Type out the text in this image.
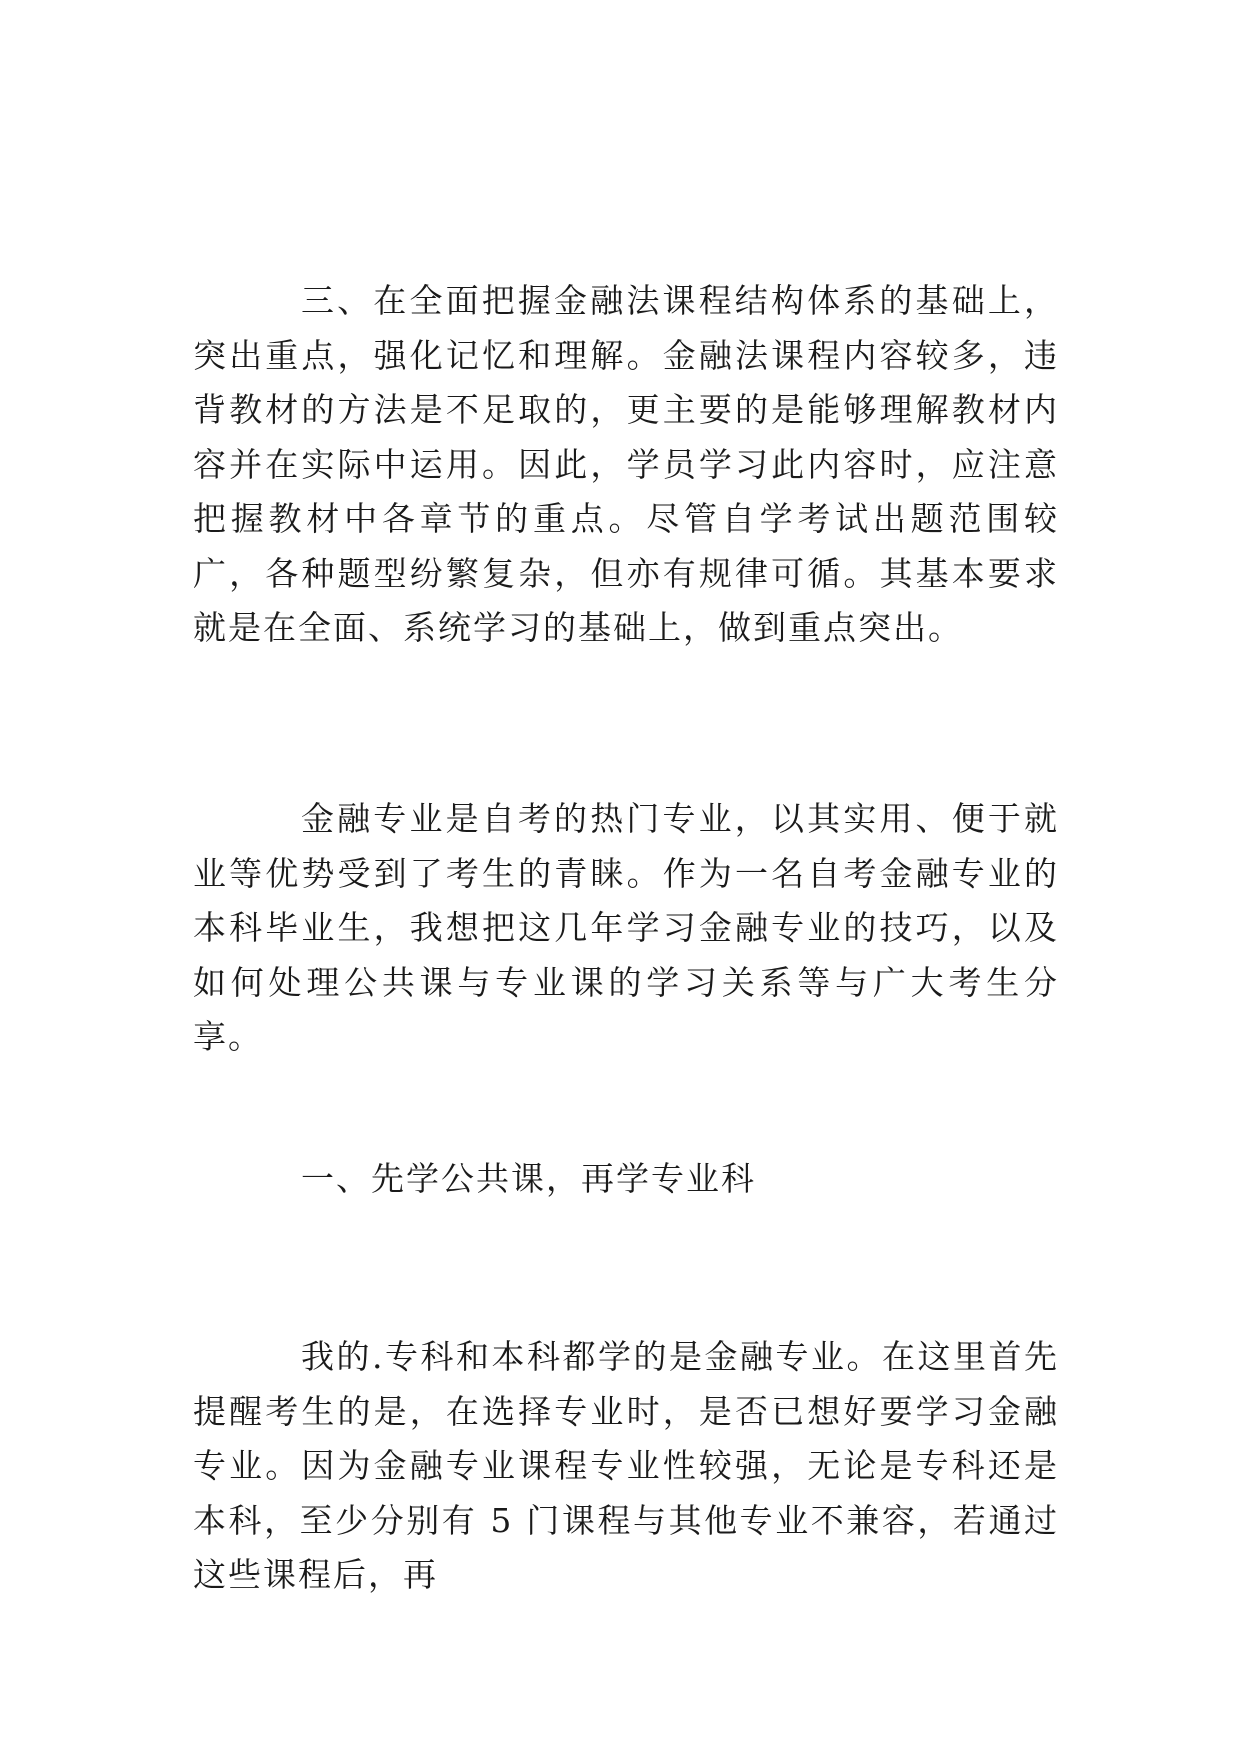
三、在全面把握金融法课程结构体系的基础上，突出重点，强化记忆和理解。金融法课程内容较多，违背教材的方法是不足取的，更主要的是能够理解教材内容并在实际中运用。因此，学员学习此内容时，应注意把握教材中各章节的重点。尽管自学考试出题范围较广，各种题型纷繁复杂，但亦有规律可循。其基本要求就是在全面、系统学习的基础上，做到重点突出。

金融专业是自考的热门专业，以其实用、便于就业等优势受到了考生的青睐。作为一名自考金融专业的本科毕业生，我想把这几年学习金融专业的技巧，以及如何处理公共课与专业课的学习关系等与广大考生分享。

一、先学公共课，再学专业科

我的.专科和本科都学的是金融专业。在这里首先提醒考生的是，在选择专业时，是否已想好要学习金融专业。因为金融专业课程专业性较强，无论是专科还是本科，至少分别有 5 门课程与其他专业不兼容，若通过这些课程后，再
